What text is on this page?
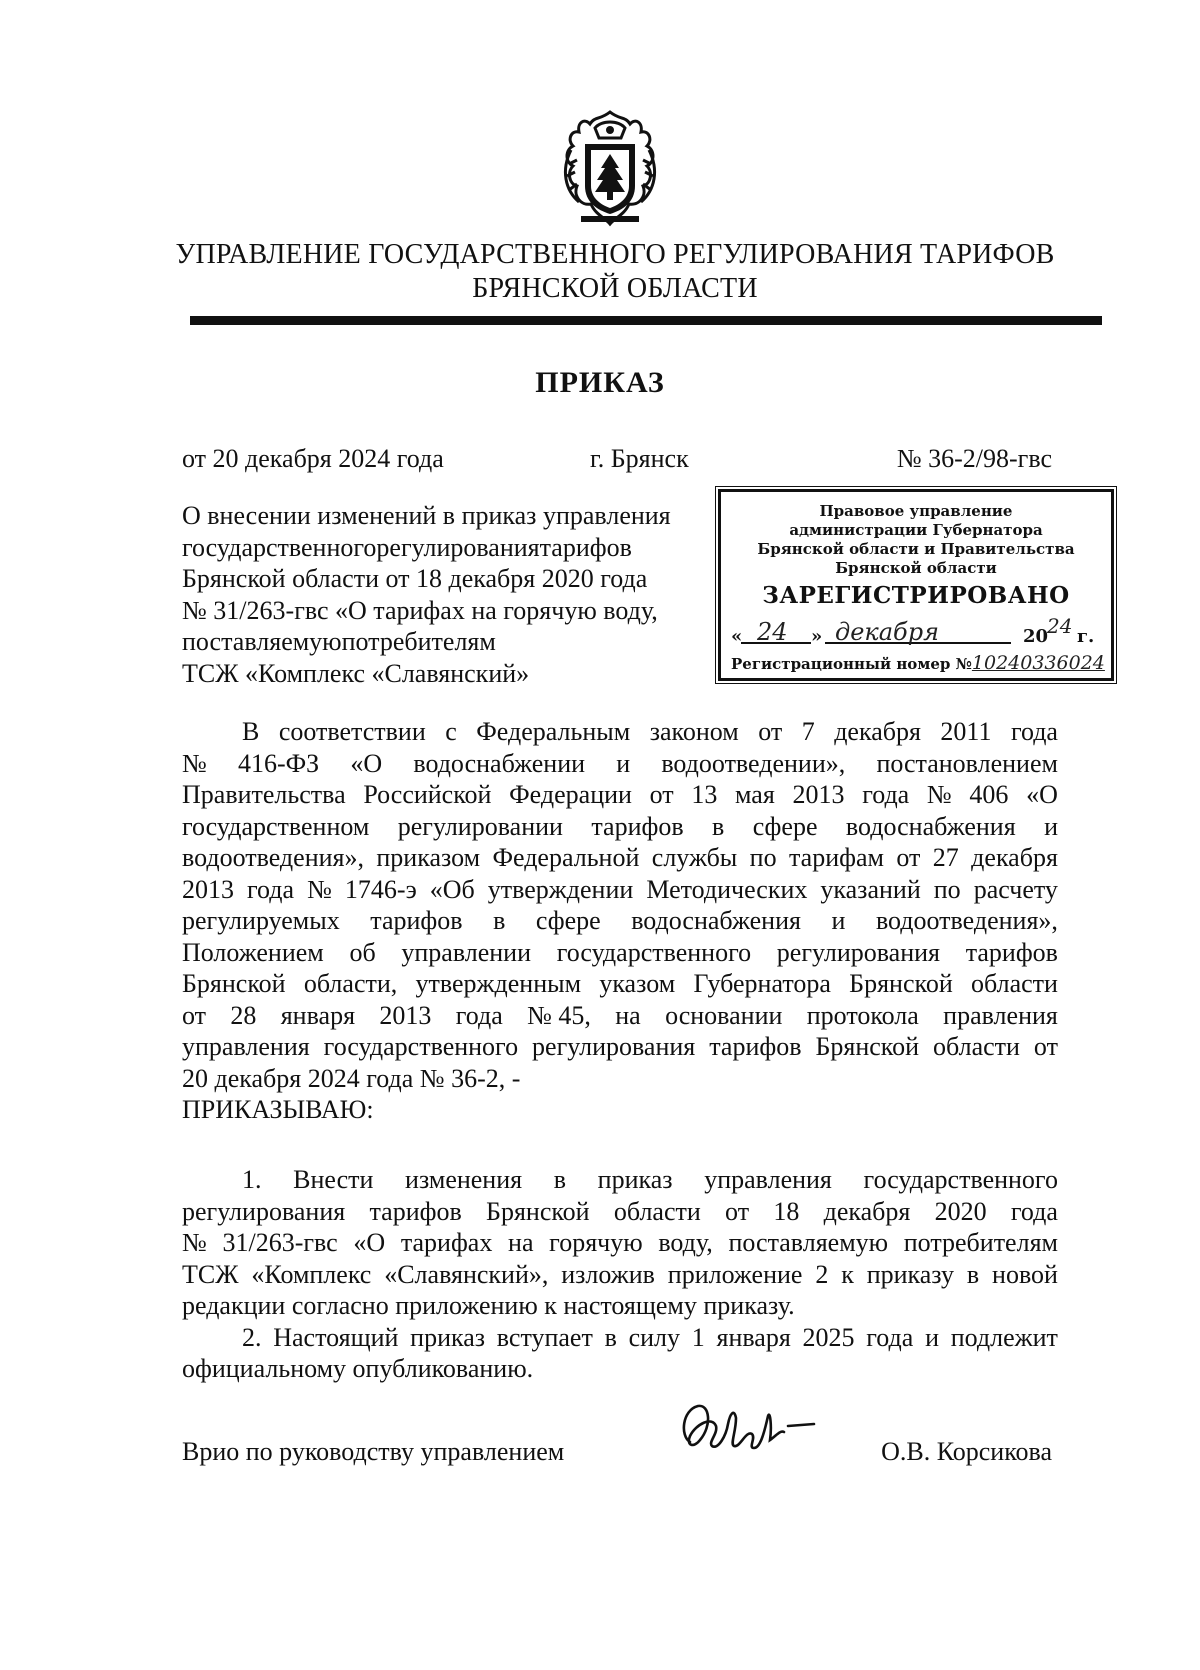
УПРАВЛЕНИЕ ГОСУДАРСТВЕННОГО РЕГУЛИРОВАНИЯ ТАРИФОВ
БРЯНСКОЙ ОБЛАСТИ
ПРИКАЗ
от 20 декабря 2024 года	г. Брянск	№ 36-2/98-гвс
О внесении изменений в приказ управления
государственногорегулированиятарифов
Брянской области от 18 декабря 2020 года
№ 31/263-гвс «О тарифах на горячую воду,
поставляемуюпотребителям
ТСЖ «Комплекс «Славянский»
Правовое управление
администрации Губернатора
Брянской области и Правительства
Брянской области
ЗАРЕГИСТРИРОВАНО
« 24 » декабря	20
24 г.
Регистрационный номер №10240336024
В соответствии с Федеральным законом от 7 декабря 2011 года
№ 416-ФЗ «О водоснабжении и водоотведении», постановлением
Правительства Российской Федерации от 13 мая 2013 года № 406 «О
государственном регулировании тарифов в сфере водоснабжения и
водоотведения», приказом Федеральной службы по тарифам от 27 декабря
2013 года № 1746-э «Об утверждении Методических указаний по расчету
регулируемых тарифов в сфере водоснабжения и водоотведения»,
Положением об управлении государственного регулирования тарифов
Брянской области, утвержденным указом Губернатора Брянской области
от 28 января 2013 года № 45, на основании протокола правления
управления государственного регулирования тарифов Брянской области от
20 декабря 2024 года № 36-2, -
ПРИКАЗЫВАЮ:
1. Внести изменения в приказ управления государственного
регулирования тарифов Брянской области от 18 декабря 2020 года
№ 31/263-гвс «О тарифах на горячую воду, поставляемую потребителям
ТСЖ «Комплекс «Славянский», изложив приложение 2 к приказу в новой
редакции согласно приложению к настоящему приказу.
2. Настоящий приказ вступает в силу 1 января 2025 года и подлежит
официальному опубликованию.
Врио по руководству управлением	О.В. Корсикова
